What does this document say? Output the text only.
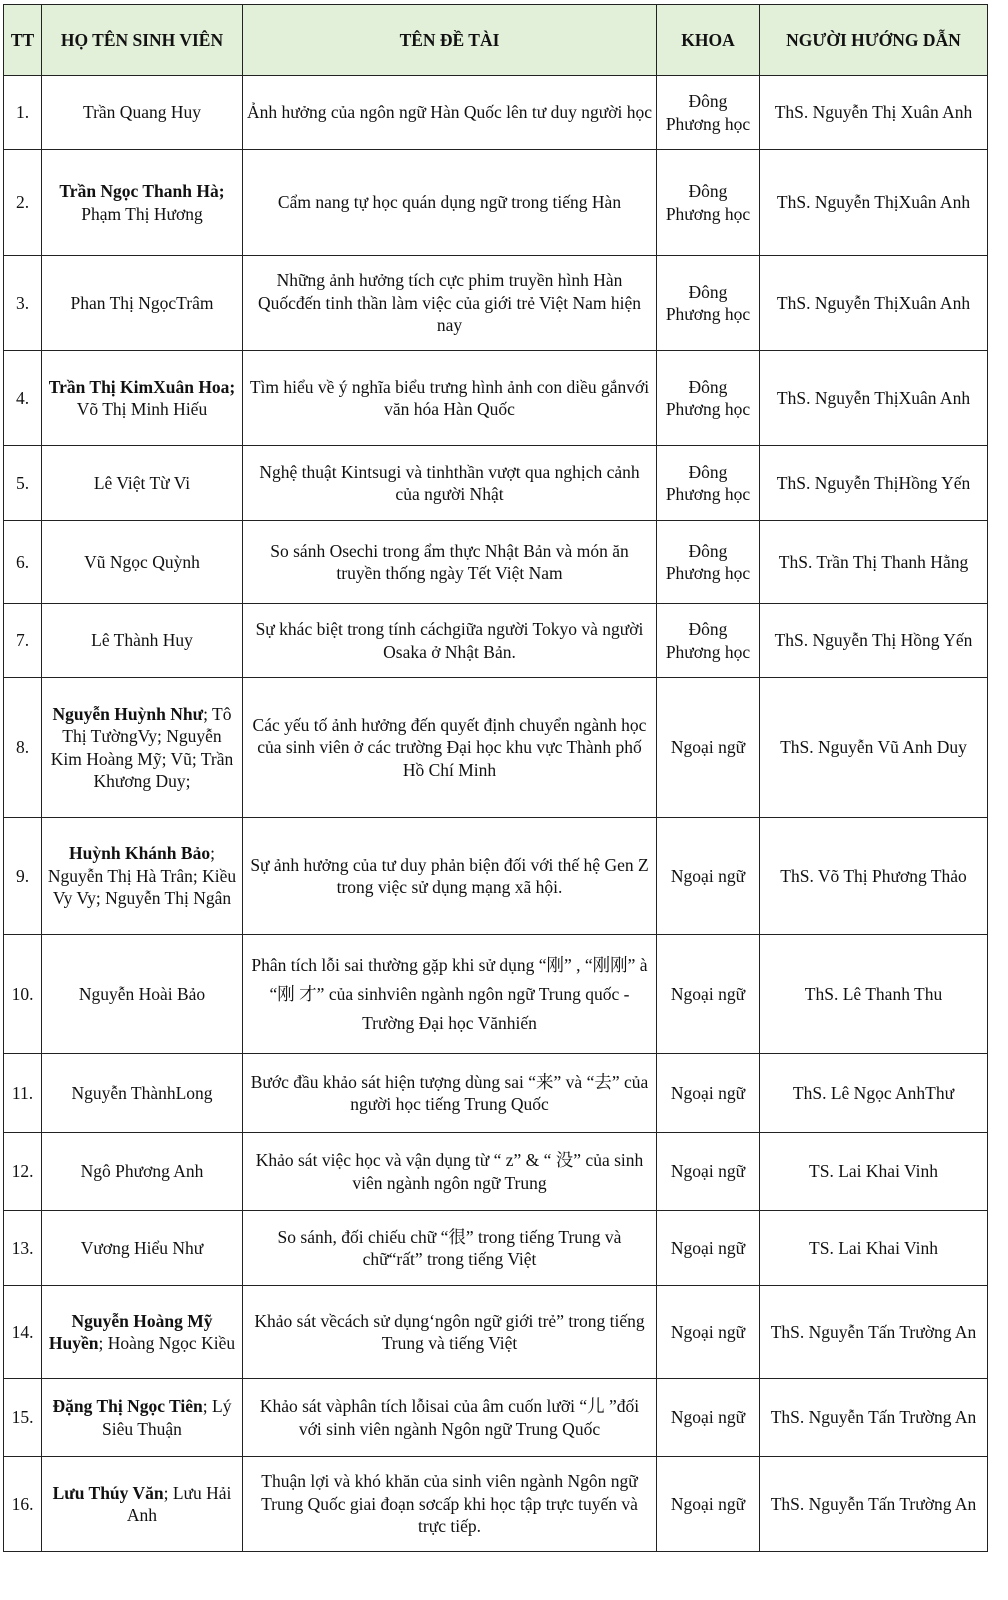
TT	HỌ TÊN SINH VIÊN	TÊN ĐỀ TÀI	KHOA	NGƯỜI HƯỚNG DẪN
1.	Trần Quang Huy	Ảnh hưởng của ngôn ngữ Hàn Quốc lên tư duy người học	Đông Phương học	ThS. Nguyễn Thị Xuân Anh
2.	Trần Ngọc Thanh Hà; Phạm Thị Hương	Cẩm nang tự học quán dụng ngữ trong tiếng Hàn	Đông Phương học	ThS. Nguyễn ThịXuân Anh
3.	Phan Thị NgọcTrâm	Những ảnh hưởng tích cực phim truyền hình Hàn Quốcđến tinh thần làm việc của giới trẻ Việt Nam hiện nay	Đông Phương học	ThS. Nguyễn ThịXuân Anh
4.	Trần Thị KimXuân Hoa; Võ Thị Minh Hiếu	Tìm hiểu về ý nghĩa biểu trưng hình ảnh con diều gắnvới văn hóa Hàn Quốc	Đông Phương học	ThS. Nguyễn ThịXuân Anh
5.	Lê Việt Từ Vi	Nghệ thuật Kintsugi và tinhthần vượt qua nghịch cảnh của người Nhật	Đông Phương học	ThS. Nguyễn ThịHồng Yến
6.	Vũ Ngọc Quỳnh	So sánh Osechi trong ẩm thực Nhật Bản và món ăn truyền thống ngày Tết Việt Nam	Đông Phương học	ThS. Trần Thị Thanh Hằng
7.	Lê Thành Huy	Sự khác biệt trong tính cáchgiữa người Tokyo và người Osaka ở Nhật Bản.	Đông Phương học	ThS. Nguyễn Thị Hồng Yến
8.	Nguyễn Huỳnh Như; Tô Thị TườngVy; Nguyễn Kim Hoàng Mỹ; Vũ; Trần Khương Duy;	Các yếu tố ảnh hưởng đến quyết định chuyển ngành học của sinh viên ở các trường Đại học khu vực Thành phố Hồ Chí Minh	Ngoại ngữ	ThS. Nguyễn Vũ Anh Duy
9.	Huỳnh Khánh Bảo; Nguyễn Thị Hà Trân; Kiều Vy Vy; Nguyễn Thị Ngân	Sự ảnh hưởng của tư duy phản biện đối với thế hệ Gen Z trong việc sử dụng mạng xã hội.	Ngoại ngữ	ThS. Võ Thị Phương Thảo
10.	Nguyễn Hoài Bảo	Phân tích lỗi sai thường gặp khi sử dụng “刚” , “刚刚” à “刚 才” của sinhviên ngành ngôn ngữ Trung quốc - Trường Đại học Vănhiến	Ngoại ngữ	ThS. Lê Thanh Thu
11.	Nguyễn ThànhLong	Bước đầu khảo sát hiện tượng dùng sai “来” và “去” của người học tiếng Trung Quốc	Ngoại ngữ	ThS. Lê Ngọc AnhThư
12.	Ngô Phương Anh	Khảo sát việc học và vận dụng từ “ z” & “ 没” của sinh viên ngành ngôn ngữ Trung	Ngoại ngữ	TS. Lai Khai Vinh
13.	Vương Hiểu Như	So sánh, đối chiếu chữ “很” trong tiếng Trung và chữ“rất” trong tiếng Việt	Ngoại ngữ	TS. Lai Khai Vinh
14.	Nguyễn Hoàng Mỹ Huyền; Hoàng Ngọc Kiều	Khảo sát vềcách sử dụng‘ngôn ngữ giới trẻ” trong tiếng Trung và tiếng Việt	Ngoại ngữ	ThS. Nguyễn Tấn Trường An
15.	Đặng Thị Ngọc Tiên; Lý Siêu Thuận	Khảo sát vàphân tích lỗisai của âm cuốn lưỡi “儿 ”đối với sinh viên ngành Ngôn ngữ Trung Quốc	Ngoại ngữ	ThS. Nguyễn Tấn Trường An
16.	Lưu Thúy Văn; Lưu Hải Anh	Thuận lợi và khó khăn của sinh viên ngành Ngôn ngữ Trung Quốc giai đoạn sơcấp khi học tập trực tuyến và trực tiếp.	Ngoại ngữ	ThS. Nguyễn Tấn Trường An
